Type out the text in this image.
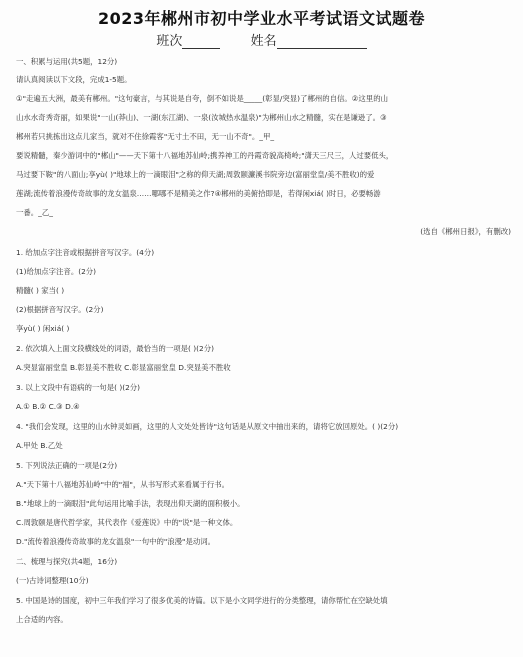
2023年郴州市初中学业水平考试语文试题卷
班次	姓名
一、积累与运用(共5题，12分)
请认真阅读以下文段，完成1-5题。
①"走遍五大洲，最美有郴州。"这句豪言，与其说是自夸，倒不如说是_____(彰显/突显)了郴州的自信。②这里的山
山水水奇秀奇丽，如果说"一山(莽山)、一湖(东江湖)、一泉(汝城热水温泉)"为郴州山水之精髓，实在是谦逊了。③
郴州若只挑拣出这点儿家当，就对不住徐霞客"无寸土不田，无一山不奇"。_甲_
要说精髓，秦少游词中的"郴山"——天下第十八福地苏仙岭;携养神工的丹霞奇貌高椅岭;"潇天三尺三，人过要低头，
马过要下鞍"的八面山;享yù( )"地球上的一滴眼泪"之称的仰天湖;周敦颐濂溪书院旁边(富丽堂皇/美不胜收)的爱
莲湖;流传着浪漫传奇故事的龙女温泉……哪哪不是精美之作?④郴州的美俯拾即是，若得闲xiá( )时日，必要畅游
一番。_乙_
(选自《郴州日报》，有删改)
1. 给加点字注音或根据拼音写汉字。(4分)
(1)给加点字注音。(2分)
精髓( ) 家当( )
(2)根据拼音写汉字。(2分)
享yù( ) 闲xiá( )
2. 依次填入上面文段横线处的词语，最恰当的一项是( )(2分)
A.突显富丽堂皇 B.彰显美不胜收 C.彰显富丽堂皇 D.突显美不胜收
3. 以上文段中有语病的一句是( )(2分)
A.① B.② C.③ D.④
4. "我们会发现，这里的山水钟灵如画，这里的人文处处皆诗"这句话是从原文中抽出来的，请将它放回原处。( )(2分)
A.甲处 B.乙处
5. 下列说法正确的一项是(2分)
A."天下第十八福地苏仙岭"中的"福"，从书写形式来看属于行书。
B."地球上的一滴眼泪"此句运用比喻手法，表现出仰天湖的面积极小。
C.周敦颐是唐代哲学家，其代表作《爱莲说》中的"说"是一种文体。
D."流传着浪漫传奇故事的龙女温泉"一句中的"浪漫"是动词。
二、梳理与探究(共4题，16分)
(一)古诗词整理(10分)
5. 中国是诗的国度，初中三年我们学习了很多优美的诗篇。以下是小文同学进行的分类整理，请你帮忙在空缺处填
上合适的内容。
